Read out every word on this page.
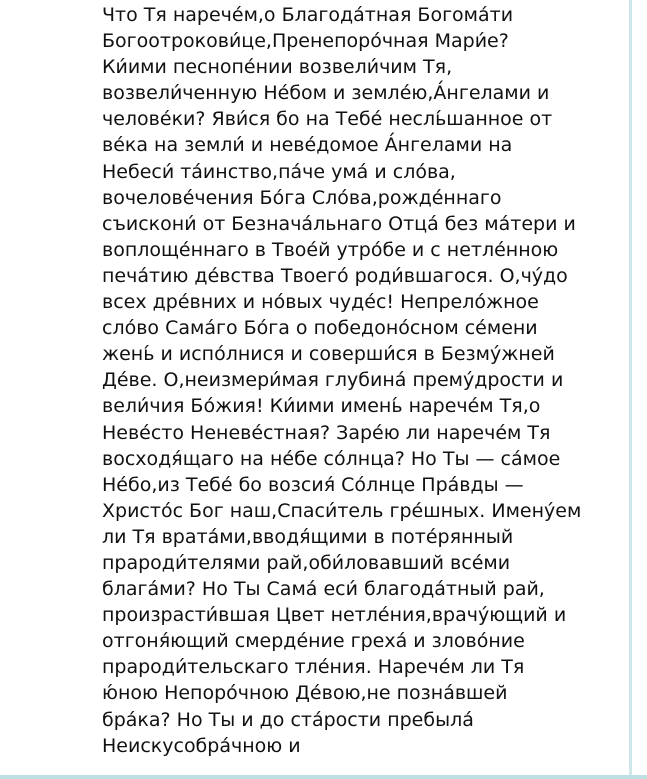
Что Тя нарече́м,о Благода́тная Богома́ти
Богоотрокови́це,Пренепоро́чная Мари́е?
Ки́ими песнопе́нии возвели́чим Тя,
возвели́ченную Не́бом и земле́ю,А́нгелами и
челове́ки? Яви́ся бо на Тебе́ несль́шанное от
ве́ка на земли́ и неве́домое А́нгелами на
Небеси́ та́инство,па́че ума́ и сло́ва,
вочелове́чения Бо́га Сло́ва,рожде́ннаго
съискони́ от Безнача́льнаго Отца́ без ма́тери и
воплоще́ннаго в Твое́й утро́бе и с нетле́нною
печа́тию де́вства Твоего́ роди́вшагося. О,чу́до
всех дре́вних и но́вых чуде́с! Непрело́жное
сло́во Сама́го Бо́га о победоно́сном се́мени
жень́ и испо́лнися и соверши́ся в Безму́жней
Де́ве. О,неизмери́мая глубина́ прему́дрости и
вели́чия Бо́жия! Ки́ими имень́ нарече́м Тя,о
Неве́сто Неневе́стная? Заре́ю ли нарече́м Тя
восходя́щаго на не́бе со́лнца? Но Ты — са́мое
Не́бо,из Тебе́ бо возсия́ Со́лнце Пра́вды —
Христо́с Бог наш,Спаси́тель гре́шных. Имену́ем
ли Тя врата́ми,вводя́щими в поте́рянный
прароди́телями рай,оби́ловавший все́ми
блага́ми? Но Ты Сама́ еси́ благода́тный рай,
произрасти́вшая Цвет нетле́ния,врачу́ющий и
отгоня́ющий смерде́ние греха́ и злово́ние
прароди́тельскаго тле́ния. Нарече́м ли Тя
ю́ною Непоро́чною Де́вою,не позна́вшей
бра́ка? Но Ты и до ста́рости пребыла́
Неискусобра́чною и
